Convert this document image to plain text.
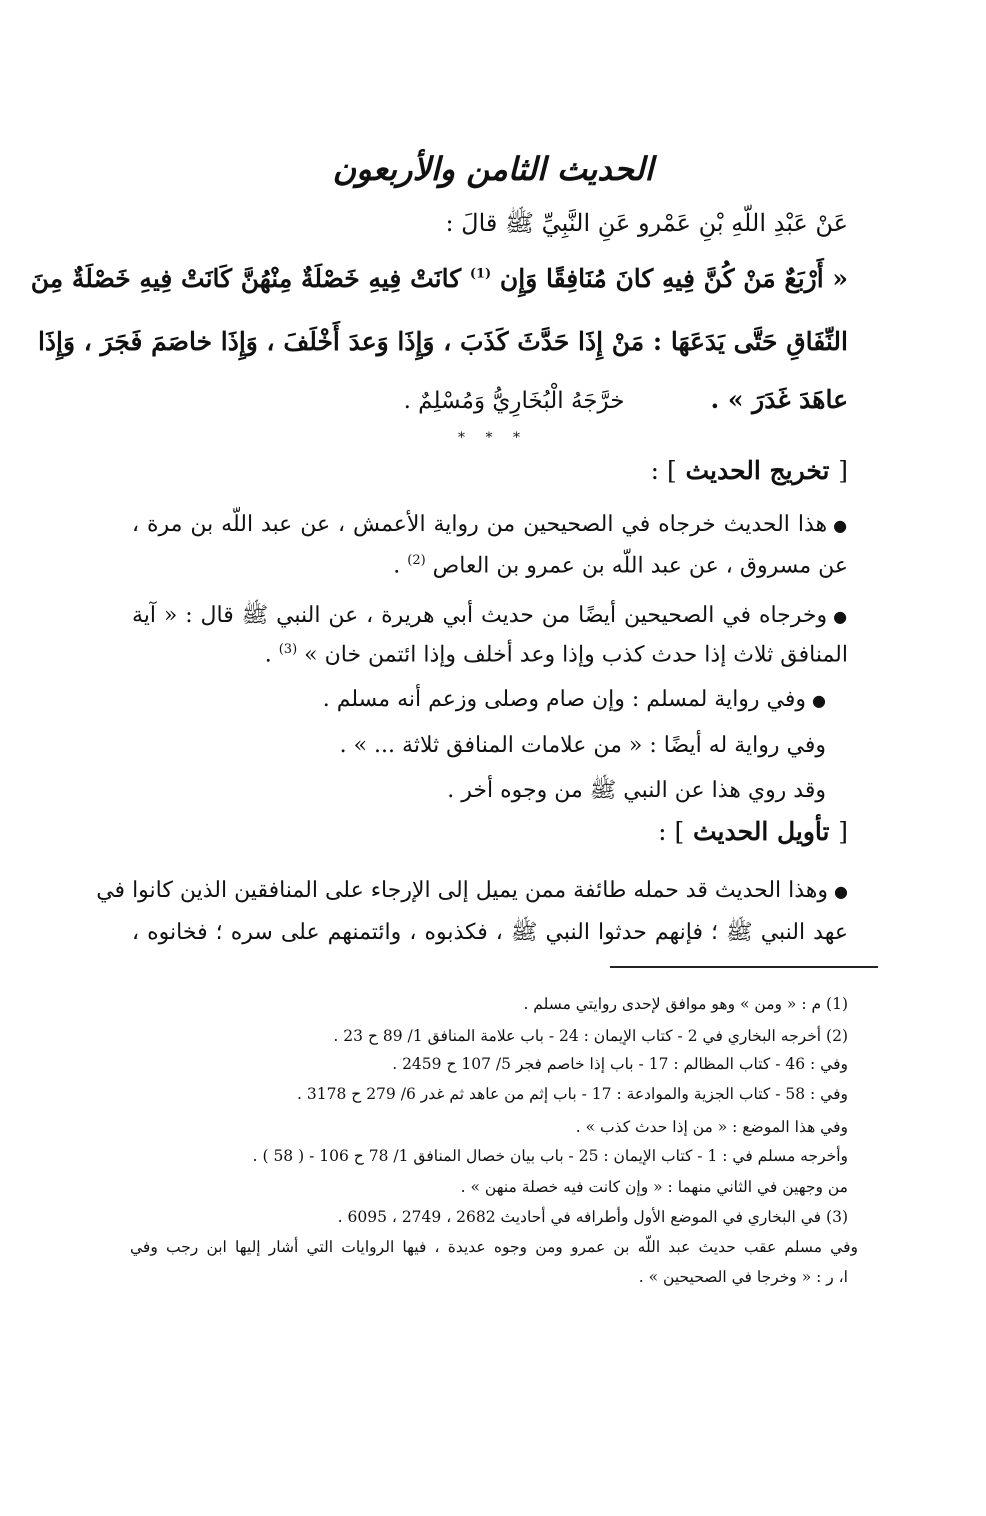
الحديث الثامن والأربعون
عَنْ عَبْدِ اللّهِ بْنِ عَمْرو عَنِ النَّبِيِّ ﷺ قالَ :
« أَرْبَعٌ مَنْ كُنَّ فِيهِ كانَ مُنَافِقًا وَإِن $^{(1)}$ كانَتْ فِيهِ خَصْلَةٌ مِنْهُنَّ كَانَتْ فِيهِ خَصْلَةٌ مِنَ
النِّفَاقِ حَتَّى يَدَعَهَا : مَنْ إِذَا حَدَّثَ كَذَبَ ، وَإِذَا وَعدَ أَخْلَفَ ، وَإِذَا خاصَمَ فَجَرَ ، وَإِذَا
عاهَدَ غَدَرَ » .خرَّجَهُ الْبُخَارِيُّ وَمُسْلِمٌ .
* * *
[ تخريج الحديث ] :
●هذا الحديث خرجاه في الصحيحين من رواية الأعمش ، عن عبد اللّه بن مرة ،
عن مسروق ، عن عبد اللّه بن عمرو بن العاص $^{(2)}$ .
●وخرجاه في الصحيحين أيضًا من حديث أبي هريرة ، عن النبي ﷺ قال : « آية
المنافق ثلاث إذا حدث كذب وإذا وعد أخلف وإذا ائتمن خان » $^{(3)}$ .
●وفي رواية لمسلم : وإن صام وصلى وزعم أنه مسلم .
وفي رواية له أيضًا : « من علامات المنافق ثلاثة ... » .
وقد روي هذا عن النبي ﷺ من وجوه أخر .
[ تأويل الحديث ] :
●وهذا الحديث قد حمله طائفة ممن يميل إلى الإرجاء على المنافقين الذين كانوا في
عهد النبي ﷺ ؛ فإنهم حدثوا النبي ﷺ ، فكذبوه ، وائتمنهم على سره ؛ فخانوه ،
(1) م : « ومن » وهو موافق لإحدى روايتي مسلم .
(2) أخرجه البخاري في 2 - كتاب الإيمان : 24 - باب علامة المنافق 1/ 89 ح 23 .
وفي : 46 - كتاب المظالم : 17 - باب إذا خاصم فجر 5/ 107 ح 2459 .
وفي : 58 - كتاب الجزية والموادعة : 17 - باب إثم من عاهد ثم غدر 6/ 279 ح 3178 .
وفي هذا الموضع : « من إذا حدث كذب » .
وأخرجه مسلم في : 1 - كتاب الإيمان : 25 - باب بيان خصال المنافق 1/ 78 ح 106 - ( 58 ) .
من وجهين في الثاني منهما : « وإن كانت فيه خصلة منهن » .
(3) في البخاري في الموضع الأول وأطرافه في أحاديث 2682 ، 2749 ، 6095 .
وفي مسلم عقب حديث عبد اللّه بن عمرو ومن وجوه عديدة ، فيها الروايات التي أشار إليها ابن رجب وفي
ا، ر : « وخرجا في الصحيحين » .
